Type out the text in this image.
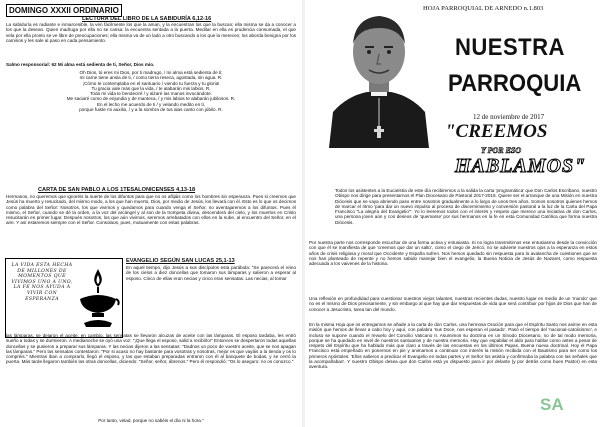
DOMINGO XXXII ORDINARIO
LECTURA DEL LIBRO DE LA SABIDURÍA 6,12-16
La sabiduría es radiante e inmarcesible, la ven fácilmente los que la aman, y la encuentran los que la buscan; ella misma se da a conocer a los que la desean. Quien madruga por ella no se cansa: la encuentra sentada a la puerta. Meditar en ella es prudencia consumada, el que vela por ella pronto se ve libre de preocupaciones; ella misma va de un lado a otro buscando a los que la merecen; los aborda benigna por los caminos y les sale al paso en cada pensamiento.
Salmo responsorial: 62 Mi alma está sedienta de ti, Señor, Dios mío.
Oh Dios, tú eres mi Dios, por ti madrugo, / mi alma está sedienta de ti;
mi carne tiene ansia de ti, / como tierra reseca, agostada, sin agua. R.
¡Cómo te contemplaba en el santuario / viendo tu fuerza y tu gloria!
Tu gracia vale más que la vida, / te alabarán mis labios. R.
Toda mi vida te bendeciré / y alzaré las manos invocándote.
Me saciaré como de enjundia y de manteca, / y mis labios te alabarán jubilosos. R.
En el lecho me acuerdo de ti / y velando medito en ti,
porque fuiste mi auxilio, / y a la sombra de tus alas canto con júbilo. R.
CARTA DE SAN PABLO A LOS 1TESALONICENSES 4,13-18
Hermanos, no queremos que ignoréis la suerte de los difuntos para que no os aflijáis como los hombres sin esperanza. Pues si creemos que Jesús ha muerto y resucitado, del mismo modo, a los que han muerto, Dios, por medio de Jesús, los llevará con él. Esto es lo que os decimos como palabra del Señor: Nosotros, los que vivimos y quedamos para cuando venga el Señor, no aventajaremos a los difuntos. Pues él mismo, el Señor, cuando se dé la orden, a la voz del arcángel y al son de la trompeta divina, descenderá del cielo, y los muertos en Cristo resucitarán en primer lugar. Después nosotros, los que aún vivimos, seremos arrebatados con ellos en la nube, al encuentro del Señor, en el aire. Y así estaremos siempre con el Señor. Consolaos, pues, mutuamente con estas palabras.
LA VIDA ESTA HECHA DE MILLONES DE MOMENTOS QUE VIVIMOS UNO A UNO, LA FE NOS AYUDA A VIVIR CON ESPERANZA
EVANGELIO SEGÚN SAN LUCAS 25,1-13
En aquel tiempo, dijo Jesús a sus discípulos esta parábola: "Se parecerá el reino de los cielos a diez doncellas que tomaron sus lámparas y salieron a esperar al esposo. Cinco de ellas eran necias y cinco eran sensatas. Las necias, al tomar
las lámparas, se dejaron el aceite; en cambio, las sensatas se llevaron alcuzas de aceite con las lámparas. El esposo tardaba, les entró sueño a todas y se durmieron. A medianoche se oyó una voz: "¡Que llega el esposo, salid a recibirlo!" Entonces se despertaron todas aquellas doncellas y se pusieron a preparar sus lámparas. Y las necias dijeron a las sensatas: "Dadnos un poco de vuestro aceite, que se nos apagan las lámparas." Pero las sensatas contestaron: "Por si acaso no hay bastante para vosotras y nosotras, mejor es que vayáis a la tienda y os lo compréis." Mientras iban a comprarlo, llegó el esposo, y las que estaban preparadas entraron con él al banquete de bodas, y se cerró la puerta. Más tarde llegaron también las otras doncellas, diciendo: "Señor, señor, ábrenos." Pero él respondió: "Os lo aseguro: no os conozco."
Por tanto, velad, porque no sabéis el día ni la hora."
HOJA PARROQUIAL DE ARNEDO n.1.803
NUESTRA
PARROQUIA
12 de noviembre de 2017
"CREEMOS
Y POR ESO
HABLAMOS"
Todos los asistentes a la Eucaristía de este día recibiremos a la salida la carta 'programática' que Don Carlos Escribano, nuestro Obispo nos dirige para presentarnos el Plan Diocesano de Pastoral 2017-2018. Quiere ser el arranque de una Misión en nuestra Diócesis que se vaya abriendo paso entre nosotros gradualmente a lo largo de unos tres años. Somos nosotros quienes hemos de marcar el ritmo 'para dar un nuevo impulso al proceso de discernimiento y conversión pastoral a la luz de la Carta del Papa Francisco "La alegría del Evangelio"'. Yo lo leeremos todos con el interés y respeto que merece una iniciativa de don Carlos, una persona joven aún y con deseos de 'quemarse' por sus hermanos en la fe en esta Comunidad Católica que forma nuestra Diócesis.
Por nuestra parte nos corresponde escuchar de una forma activa y entusiasta. Si no logra transmitirnos ese entusiasmo desde la convicción con que él se manifiesta de que 'creemos que dar un salto', como el ciego de Jericó, no se advierte nuestros ojos a la esperanza en estos años de crisis religiosa y moral que Occidente y España sufren. Nos hemos quedado sin respuesta para la avalancha de cuestiones que se nos han planteado de repente y no hemos sabido manejar bien el evangelio, la Buena Noticia de Jesús de Nazaret, como respuesta adecuada a los vaivenes de la historia.
Una reflexión en profundidad para cuestionar nuestros viejos talantes, nuestras recientes dudas, nuestro lugar en medio de un 'mundo' que no es el mismo de Dios precisamente, y sin embargo al que hay que dar respuestas de vida que será contribuir por hijos de Dios que han de conocer a Jesucristo, tarea tan del mundo.
En la misma Hoja que os entregamos se añade a la carta de don Carlos, una hermosa Oración para que el Espíritu Santo nos anime en esta misión que hemos de llevar a cabo hoy y aquí, con palabra 'sus Doce, nos esperan el pasado'. Pasó el tiempo del 'nacional-catolicismo', e incluso se supone cuando el revuelo del Concilio Vaticano II. Asumimos su doctrina en un Sínodo Diocesano, no de tal modo memoria, porque se ha quedado en nivel de nuestros santuarios y de nuestra memoria. Hay que espabilar el aldo para hablar como antes a pesar de respeto del Espíritu que ha hablado más que claro a través de las encuestas en los últimos Papas. Buena nueva doctrinal. Hoy el Papa Francisco está empeñado en ponernos en pie y animarnos a continuar con interés la misión recibida con el Bautismo para ser como los primeros Apóstoles: 'Ellos salieron a predicar el Evangelio en todas partes y el Señor los asistía y confirmaba la palabra con las señales que la acompañaban'. Y nuestro Obispo desea que don Carlos está yo dispuesto para ir por delante (y por detrás como buen Pastor) en esta aventura.
SA
